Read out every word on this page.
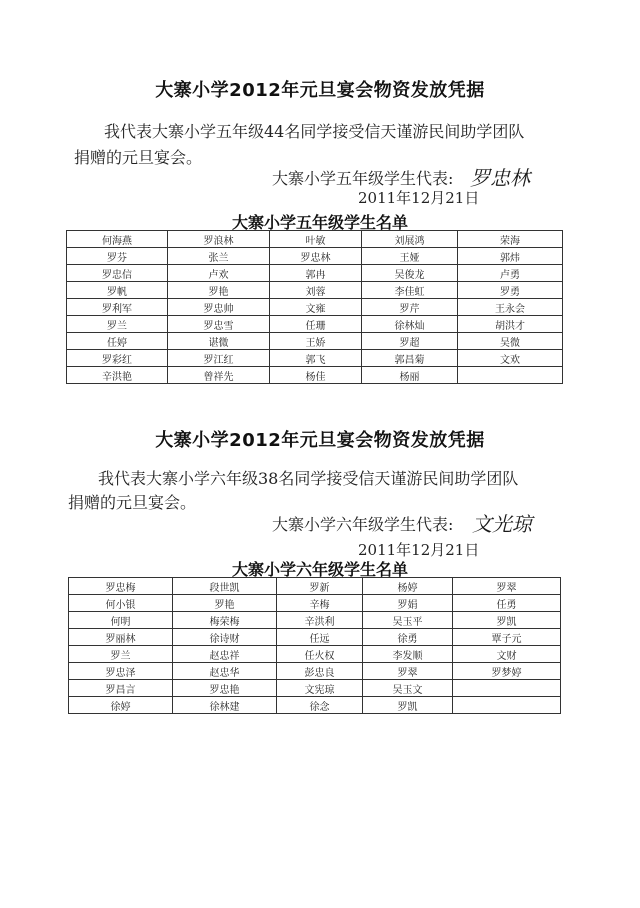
大寨小学2012年元旦宴会物资发放凭据
我代表大寨小学五年级44名同学接受信天谨游民间助学团队
捐赠的元旦宴会。
大寨小学五年级学生代表: 罗忠林
2011年12月21日
大寨小学五年级学生名单
何海燕	罗浪林	叶敏	刘展鸿	荣海
罗芬	张兰	罗忠林	王娅	郭炜
罗忠信	卢欢	郭冉	吴俊龙	卢勇
罗帆	罗艳	刘蓉	李佳虹	罗勇
罗利军	罗忠帅	文雍	罗芹	王永会
罗兰	罗忠雪	任珊	徐林灿	胡洪才
任婷	谌微	王娇	罗超	吴微
罗彩红	罗江红	郭飞	郭昌菊	文欢
辛洪艳	曾祥先	杨佳	杨丽	
大寨小学2012年元旦宴会物资发放凭据
我代表大寨小学六年级38名同学接受信天谨游民间助学团队
捐赠的元旦宴会。
大寨小学六年级学生代表: 文光琼
2011年12月21日
大寨小学六年级学生名单
罗忠梅	段世凯	罗新	杨婷	罗翠
何小银	罗艳	辛梅	罗娟	任勇
何明	梅荣梅	辛洪利	吴玉平	罗凯
罗丽林	徐诗财	任远	徐勇	覃子元
罗兰	赵忠祥	任火权	李发顺	文财
罗忠泽	赵忠华	彭忠良	罗翠	罗梦婷
罗昌言	罗忠艳	文宪琼	吴玉文	
徐婷	徐林建	徐念	罗凯	
